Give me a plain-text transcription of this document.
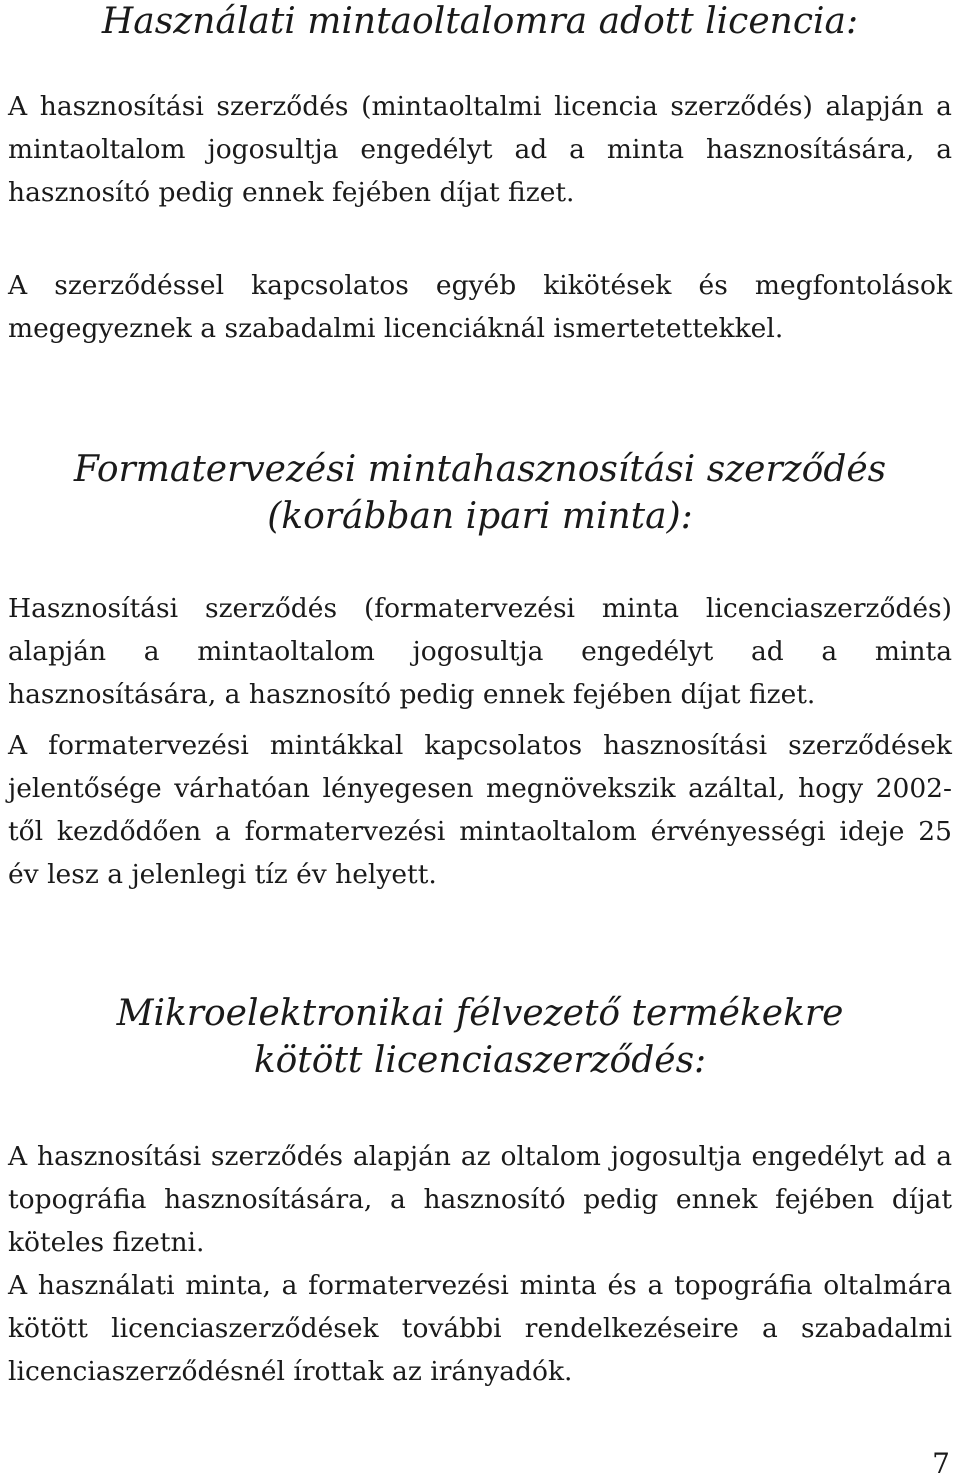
Használati mintaoltalomra adott licencia:

A hasznosítási szerződés (mintaoltalmi licencia szerződés) alapján a mintaoltalom jogosultja engedélyt ad a minta hasznosítására, a hasznosító pedig ennek fejében díjat fizet.

A szerződéssel kapcsolatos egyéb kikötések és megfontolások megegyeznek a szabadalmi licenciáknál ismertetettekkel.

Formatervezési mintahasznosítási szerződés (korábban ipari minta):

Hasznosítási szerződés (formatervezési minta licenciaszerződés) alapján a mintaoltalom jogosultja engedélyt ad a minta hasznosítására, a hasznosító pedig ennek fejében díjat fizet.

A formatervezési mintákkal kapcsolatos hasznosítási szerződések jelentősége várhatóan lényegesen megnövekszik azáltal, hogy 2002-től kezdődően a formatervezési mintaoltalom érvényességi ideje 25 év lesz a jelenlegi tíz év helyett.

Mikroelektronikai félvezető termékekre kötött licenciaszerződés:

A hasznosítási szerződés alapján az oltalom jogosultja engedélyt ad a topográfia hasznosítására, a hasznosító pedig ennek fejében díjat köteles fizetni.

A használati minta, a formatervezési minta és a topográfia oltalmára kötött licenciaszerződések további rendelkezéseire a szabadalmi licenciaszerződésnél írottak az irányadók.

7
